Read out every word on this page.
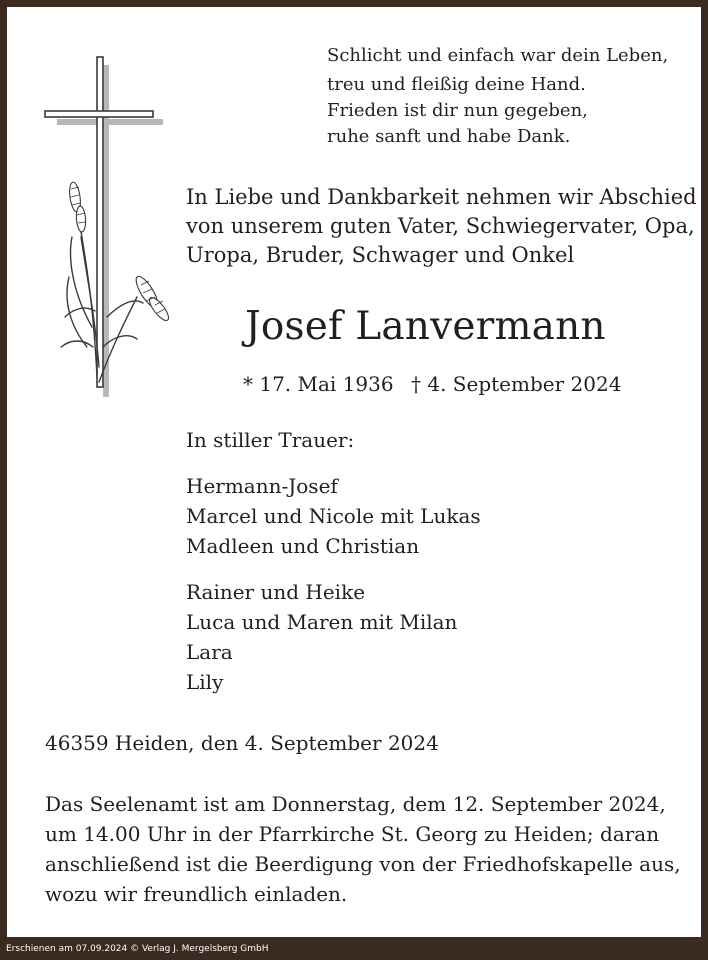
Schlicht und einfach war dein Leben,

treu und fleißig deine Hand.

Frieden ist dir nun gegeben,

ruhe sanft und habe Dank.

In Liebe und Dankbarkeit nehmen wir Abschied

von unserem guten Vater, Schwiegervater, Opa,

Uropa, Bruder, Schwager und Onkel

Josef Lanvermann

* 17. Mai 1936 † 4. September 2024

In stiller Trauer:

Hermann-Josef

Marcel und Nicole mit Lukas

Madleen und Christian

Rainer und Heike

Luca und Maren mit Milan

Lara

Lily

46359 Heiden, den 4. September 2024

Das Seelenamt ist am Donnerstag, dem 12. September 2024,

um 14.00 Uhr in der Pfarrkirche St. Georg zu Heiden; daran

anschließend ist die Beerdigung von der Friedhofskapelle aus,

wozu wir freundlich einladen.

Erschienen am 07.09.2024 © Verlag J. Mergelsberg GmbH
